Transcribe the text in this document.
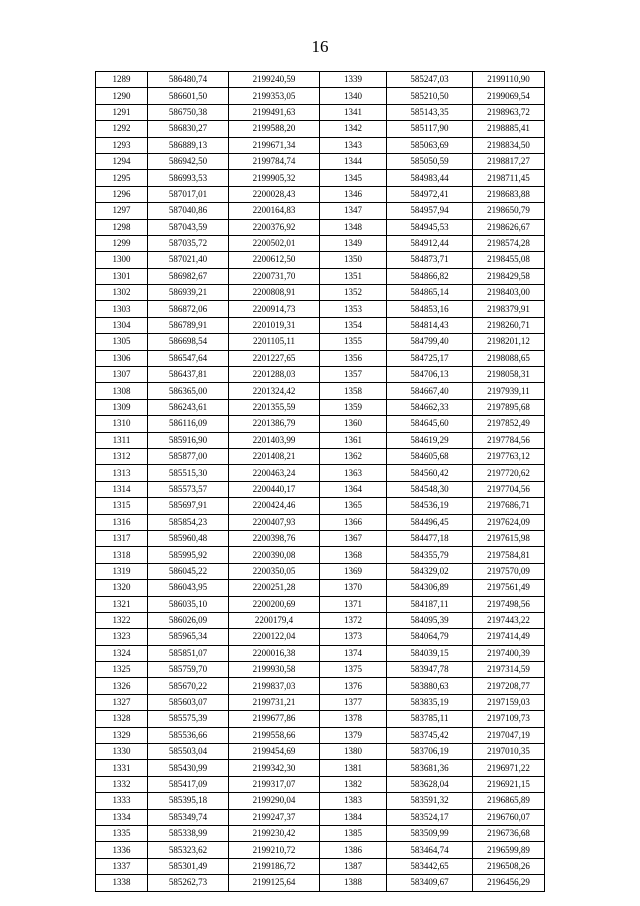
16
1289	586480,74	2199240,59	1339	585247,03	2199110,90
1290	586601,50	2199353,05	1340	585210,50	2199069,54
1291	586750,38	2199491,63	1341	585143,35	2198963,72
1292	586830,27	2199588,20	1342	585117,90	2198885,41
1293	586889,13	2199671,34	1343	585063,69	2198834,50
1294	586942,50	2199784,74	1344	585050,59	2198817,27
1295	586993,53	2199905,32	1345	584983,44	2198711,45
1296	587017,01	2200028,43	1346	584972,41	2198683,88
1297	587040,86	2200164,83	1347	584957,94	2198650,79
1298	587043,59	2200376,92	1348	584945,53	2198626,67
1299	587035,72	2200502,01	1349	584912,44	2198574,28
1300	587021,40	2200612,50	1350	584873,71	2198455,08
1301	586982,67	2200731,70	1351	584866,82	2198429,58
1302	586939,21	2200808,91	1352	584865,14	2198403,00
1303	586872,06	2200914,73	1353	584853,16	2198379,91
1304	586789,91	2201019,31	1354	584814,43	2198260,71
1305	586698,54	2201105,11	1355	584799,40	2198201,12
1306	586547,64	2201227,65	1356	584725,17	2198088,65
1307	586437,81	2201288,03	1357	584706,13	2198058,31
1308	586365,00	2201324,42	1358	584667,40	2197939,11
1309	586243,61	2201355,59	1359	584662,33	2197895,68
1310	586116,09	2201386,79	1360	584645,60	2197852,49
1311	585916,90	2201403,99	1361	584619,29	2197784,56
1312	585877,00	2201408,21	1362	584605,68	2197763,12
1313	585515,30	2200463,24	1363	584560,42	2197720,62
1314	585573,57	2200440,17	1364	584548,30	2197704,56
1315	585697,91	2200424,46	1365	584536,19	2197686,71
1316	585854,23	2200407,93	1366	584496,45	2197624,09
1317	585960,48	2200398,76	1367	584477,18	2197615,98
1318	585995,92	2200390,08	1368	584355,79	2197584,81
1319	586045,22	2200350,05	1369	584329,02	2197570,09
1320	586043,95	2200251,28	1370	584306,89	2197561,49
1321	586035,10	2200200,69	1371	584187,11	2197498,56
1322	586026,09	2200179,4	1372	584095,39	2197443,22
1323	585965,34	2200122,04	1373	584064,79	2197414,49
1324	585851,07	2200016,38	1374	584039,15	2197400,39
1325	585759,70	2199930,58	1375	583947,78	2197314,59
1326	585670,22	2199837,03	1376	583880,63	2197208,77
1327	585603,07	2199731,21	1377	583835,19	2197159,03
1328	585575,39	2199677,86	1378	583785,11	2197109,73
1329	585536,66	2199558,66	1379	583745,42	2197047,19
1330	585503,04	2199454,69	1380	583706,19	2197010,35
1331	585430,99	2199342,30	1381	583681,36	2196971,22
1332	585417,09	2199317,07	1382	583628,04	2196921,15
1333	585395,18	2199290,04	1383	583591,32	2196865,89
1334	585349,74	2199247,37	1384	583524,17	2196760,07
1335	585338,99	2199230,42	1385	583509,99	2196736,68
1336	585323,62	2199210,72	1386	583464,74	2196599,89
1337	585301,49	2199186,72	1387	583442,65	2196508,26
1338	585262,73	2199125,64	1388	583409,67	2196456,29
